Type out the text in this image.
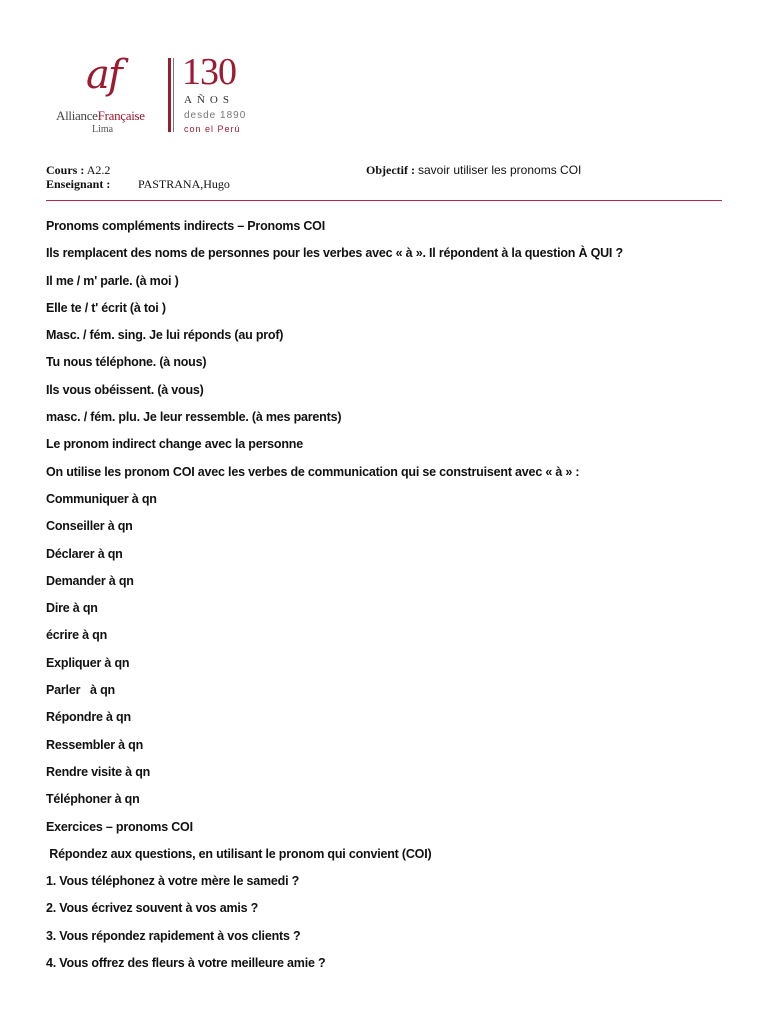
af
AllianceFrançaise
Lima
130
AÑOS
desde 1890
con el Perú
Cours : A2.2
Enseignant : PASTRANA,Hugo
Objectif : savoir utiliser les pronoms COI
Pronoms compléments indirects – Pronoms COI
Ils remplacent des noms de personnes pour les verbes avec « à ». Il répondent à la question À QUI ?
Il me / m' parle. (à moi )
Elle te / t' écrit (à toi )
Masc. / fém. sing. Je lui réponds (au prof)
Tu nous téléphone. (à nous)
Ils vous obéissent. (à vous)
masc. / fém. plu. Je leur ressemble. (à mes parents)
Le pronom indirect change avec la personne
On utilise les pronom COI avec les verbes de communication qui se construisent avec « à » :
Communiquer à qn
Conseiller à qn
Déclarer à qn
Demander à qn
Dire à qn
écrire à qn
Expliquer à qn
Parler   à qn
Répondre à qn
Ressembler à qn
Rendre visite à qn
Téléphoner à qn
Exercices – pronoms COI
Répondez aux questions, en utilisant le pronom qui convient (COI)
1. Vous téléphonez à votre mère le samedi ?
2. Vous écrivez souvent à vos amis ?
3. Vous répondez rapidement à vos clients ?
4. Vous offrez des fleurs à votre meilleure amie ?
